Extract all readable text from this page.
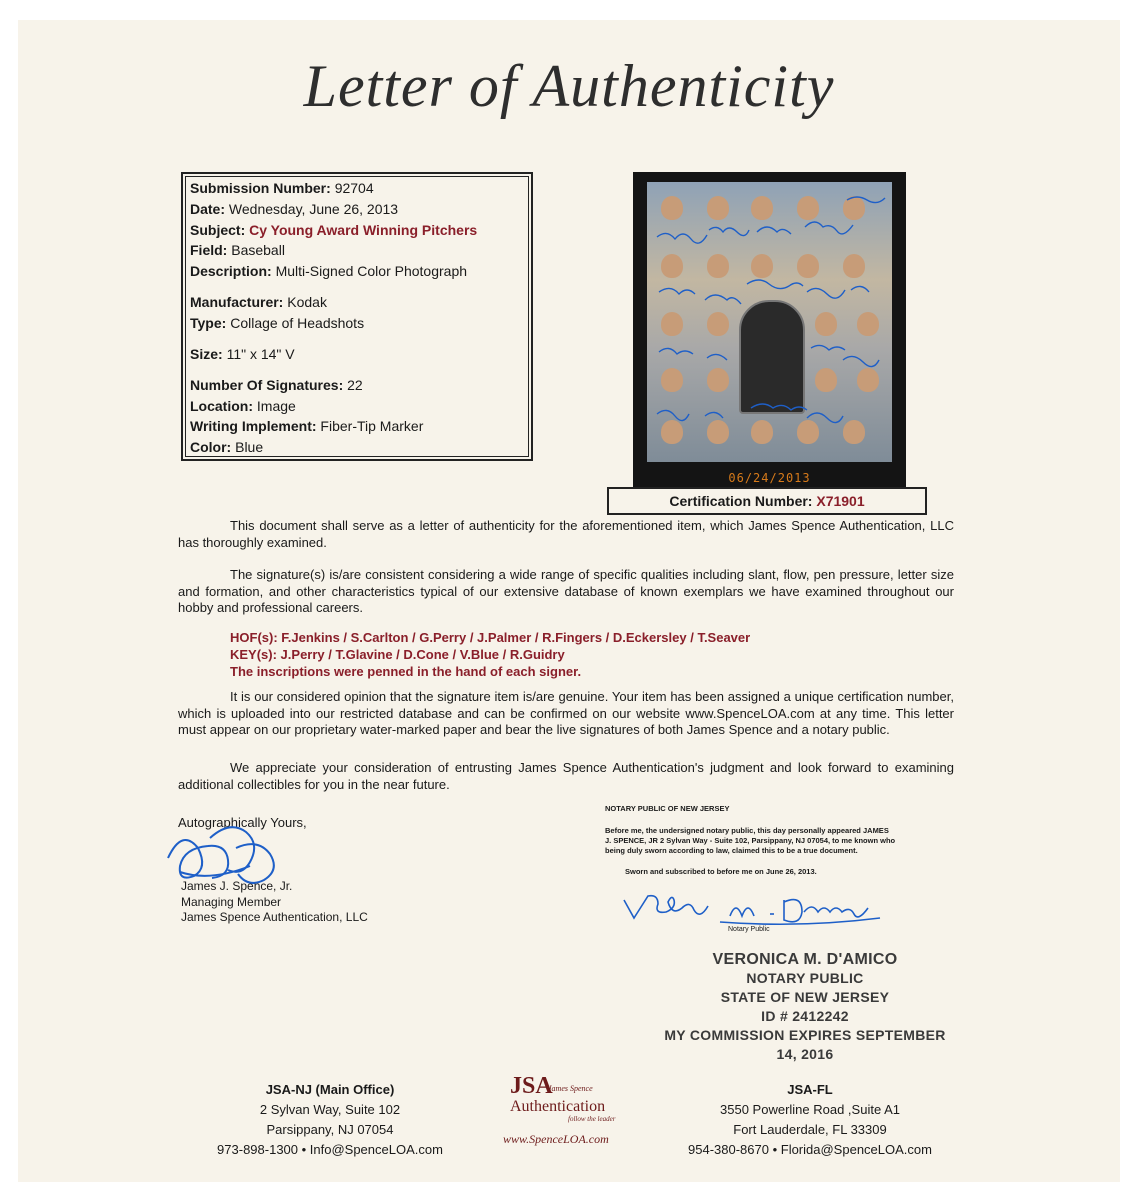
Letter of Authenticity
Submission Number: 92704
Date: Wednesday, June 26, 2013
Subject: Cy Young Award Winning Pitchers
Field: Baseball
Description: Multi-Signed Color Photograph
Manufacturer: Kodak
Type: Collage of Headshots
Size: 11" x 14" V
Number Of Signatures: 22
Location: Image
Writing Implement: Fiber-Tip Marker
Color: Blue
06/24/2013
Certification Number: X71901
This document shall serve as a letter of authenticity for the aforementioned item, which James Spence Authentication, LLC has thoroughly examined.
The signature(s) is/are consistent considering a wide range of specific qualities including slant, flow, pen pressure, letter size and formation, and other characteristics typical of our extensive database of known exemplars we have examined throughout our hobby and professional careers.
HOF(s): F.Jenkins / S.Carlton / G.Perry / J.Palmer / R.Fingers / D.Eckersley / T.Seaver
KEY(s): J.Perry / T.Glavine / D.Cone / V.Blue / R.Guidry
The inscriptions were penned in the hand of each signer.
It is our considered opinion that the signature item is/are genuine. Your item has been assigned a unique certification number, which is uploaded into our restricted database and can be confirmed on our website www.SpenceLOA.com at any time. This letter must appear on our proprietary water-marked paper and bear the live signatures of both James Spence and a notary public.
We appreciate your consideration of entrusting James Spence Authentication's judgment and look forward to examining additional collectibles for you in the near future.
Autographically Yours,
James J. Spence, Jr.
Managing Member
James Spence Authentication, LLC
NOTARY PUBLIC OF NEW JERSEY
Before me, the undersigned notary public, this day personally appeared JAMES J. SPENCE, JR 2 Sylvan Way - Suite 102, Parsippany, NJ 07054, to me known who being duly sworn according to law, claimed this to be a true document.
Sworn and subscribed to before me on June 26, 2013.
Notary Public
VERONICA M. D'AMICO
NOTARY PUBLIC
STATE OF NEW JERSEY
ID # 2412242
MY COMMISSION EXPIRES SEPTEMBER 14, 2016
JSA-NJ (Main Office)
2 Sylvan Way, Suite 102
Parsippany, NJ 07054
973-898-1300 • Info@SpenceLOA.com
JSA
James Spence
Authentication
follow the leader
www.SpenceLOA.com
JSA-FL
3550 Powerline Road ,Suite A1
Fort Lauderdale, FL 33309
954-380-8670 • Florida@SpenceLOA.com
